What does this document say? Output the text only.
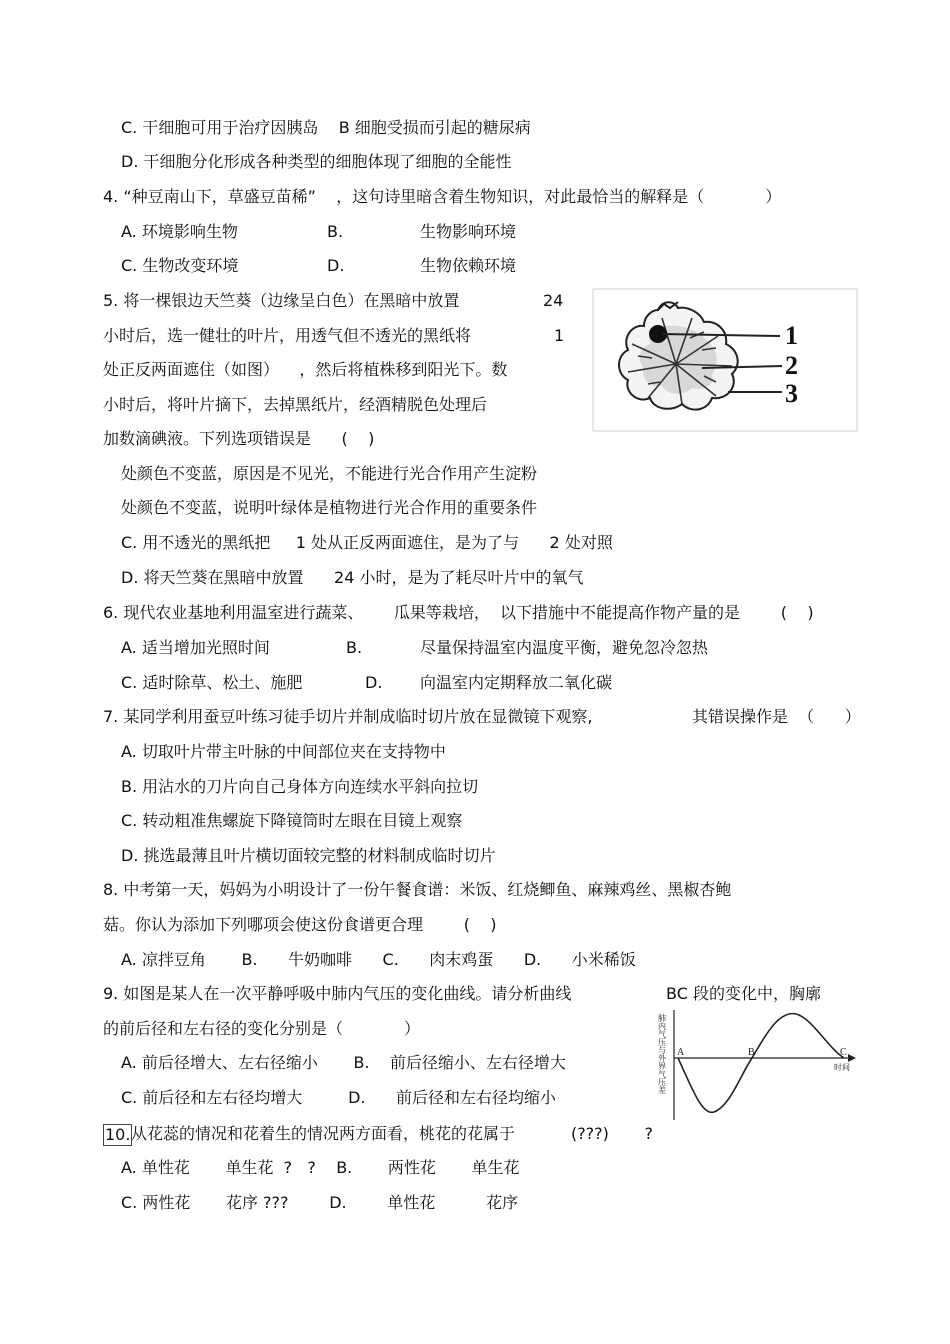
C. 干细胞可用于治疗因胰岛    B 细胞受损而引起的糖尿病
D. 干细胞分化形成各种类型的细胞体现了细胞的全能性
4. “种豆南山下，草盛豆苗稀”    ，这句诗里暗含着生物知识，对此最恰当的解释是（            ）
A. 环境影响生物	B.	生物影响环境
C. 生物改变环境	D.	生物依赖环境
5. 将一棵银边天竺葵（边缘呈白色）在黑暗中放置	24
小时后，选一健壮的叶片，用透气但不透光的黑纸将	1
处正反两面遮住（如图）    ，然后将植株移到阳光下。数
小时后，将叶片摘下，去掉黑纸片，经酒精脱色处理后
加数滴碘液。下列选项错误是      (    )
处颜色不变蓝，原因是不见光，不能进行光合作用产生淀粉
处颜色不变蓝，说明叶绿体是植物进行光合作用的重要条件
C. 用不透光的黑纸把     1 处从正反两面遮住，是为了与      2 处对照
D. 将天竺葵在黑暗中放置      24 小时，是为了耗尽叶片中的氧气
1
2
3
6. 现代农业基地利用温室进行蔬菜、      瓜果等栽培，  以下措施中不能提高作物产量的是        (    )
A. 适当增加光照时间	B.	尽量保持温室内温度平衡，避免忽冷忽热
C. 适时除草、松土、施肥	D. 向温室内定期释放二氧化碳
7. 某同学利用蚕豆叶练习徒手切片并制成临时切片放在显微镜下观察,	其错误操作是  （      ）
A. 切取叶片带主叶脉的中间部位夹在支持物中
B. 用沾水的刀片向自己身体方向连续水平斜向拉切
C. 转动粗准焦螺旋下降镜筒时左眼在目镜上观察
D. 挑选最薄且叶片横切面较完整的材料制成临时切片
8. 中考第一天，妈妈为小明设计了一份午餐食谱：米饭、红烧鲫鱼、麻辣鸡丝、黑椒杏鲍
菇。你认为添加下列哪项会使这份食谱更合理        (    )
A. 凉拌豆角       B.      牛奶咖啡      C.      肉末鸡蛋      D.      小米稀饭
9. 如图是某人在一次平静呼吸中肺内气压的变化曲线。请分析曲线	BC 段的变化中，胸廓
的前后径和左右径的变化分别是（            ）
A. 前后径增大、左右径缩小       B.    前后径缩小、左右径增大
C. 前后径和左右径均增大         D.      前后径和左右径均缩小
肺内气压与外界气压差 A	B	C
时间
10. 从花蕊的情况和花着生的情况两方面看，桃花的花属于           (???)       ?
A. 单性花       单生花  ?   ?    B.       两性花       单生花
C. 两性花       花序 ???        D.        单性花          花序
